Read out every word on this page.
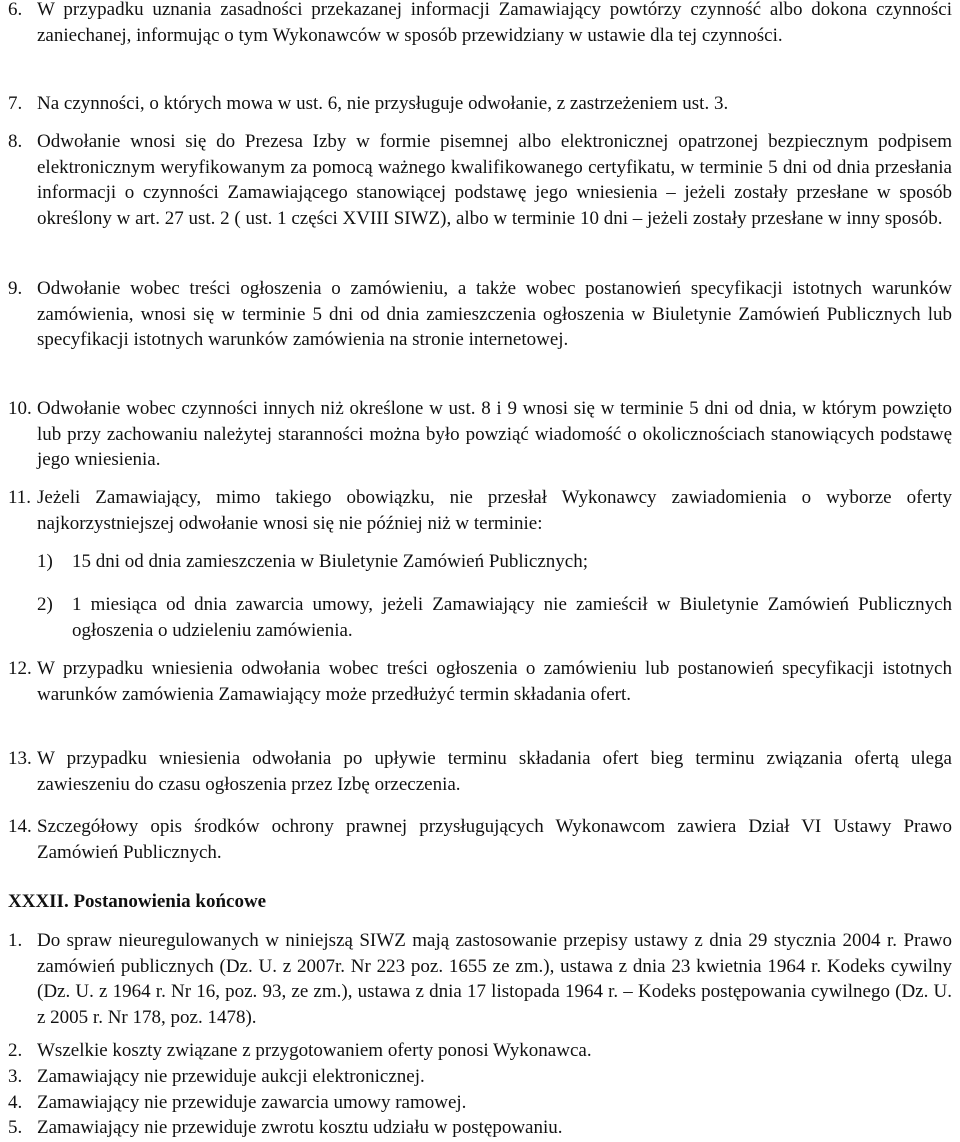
6. W przypadku uznania zasadności przekazanej informacji Zamawiający powtórzy czynność albo dokona czynności zaniechanej, informując o tym Wykonawców w sposób przewidziany w ustawie dla tej czynności.
7. Na czynności, o których mowa w ust. 6, nie przysługuje odwołanie, z zastrzeżeniem ust. 3.
8. Odwołanie wnosi się do Prezesa Izby w formie pisemnej albo elektronicznej opatrzonej bezpiecznym podpisem elektronicznym weryfikowanym za pomocą ważnego kwalifikowanego certyfikatu, w terminie 5 dni od dnia przesłania informacji o czynności Zamawiającego stanowiącej podstawę jego wniesienia – jeżeli zostały przesłane w sposób określony w art. 27 ust. 2 ( ust. 1 części XVIII SIWZ), albo w terminie 10 dni – jeżeli zostały przesłane w inny sposób.
9. Odwołanie wobec treści ogłoszenia o zamówieniu, a także wobec postanowień specyfikacji istotnych warunków zamówienia, wnosi się w terminie 5 dni od dnia zamieszczenia ogłoszenia w Biuletynie Zamówień Publicznych lub specyfikacji istotnych warunków zamówienia na stronie internetowej.
10. Odwołanie wobec czynności innych niż określone w ust. 8 i 9 wnosi się w terminie 5 dni od dnia, w którym powzięto lub przy zachowaniu należytej staranności można było powziąć wiadomość o okolicznościach stanowiących podstawę jego wniesienia.
11. Jeżeli Zamawiający, mimo takiego obowiązku, nie przesłał Wykonawcy zawiadomienia o wyborze oferty najkorzystniejszej odwołanie wnosi się nie później niż w terminie:
1) 15 dni od dnia zamieszczenia w Biuletynie Zamówień Publicznych;
2) 1 miesiąca od dnia zawarcia umowy, jeżeli Zamawiający nie zamieścił w Biuletynie Zamówień Publicznych ogłoszenia o udzieleniu zamówienia.
12. W przypadku wniesienia odwołania wobec treści ogłoszenia o zamówieniu lub postanowień specyfikacji istotnych warunków zamówienia Zamawiający może przedłużyć termin składania ofert.
13. W przypadku wniesienia odwołania po upływie terminu składania ofert bieg terminu związania ofertą ulega zawieszeniu do czasu ogłoszenia przez Izbę orzeczenia.
14. Szczegółowy opis środków ochrony prawnej przysługujących Wykonawcom zawiera Dział VI Ustawy Prawo Zamówień Publicznych.
XXXII. Postanowienia końcowe
1. Do spraw nieuregulowanych w niniejszą SIWZ mają zastosowanie przepisy ustawy z dnia 29 stycznia 2004 r. Prawo zamówień publicznych (Dz. U. z 2007r. Nr 223 poz. 1655 ze zm.), ustawa z dnia 23 kwietnia 1964 r. Kodeks cywilny (Dz. U. z 1964 r. Nr 16, poz. 93, ze zm.), ustawa z dnia 17 listopada 1964 r. – Kodeks postępowania cywilnego (Dz. U. z 2005 r. Nr 178, poz. 1478).
2. Wszelkie koszty związane z przygotowaniem oferty ponosi Wykonawca.
3. Zamawiający nie przewiduje aukcji elektronicznej.
4. Zamawiający nie przewiduje zawarcia umowy ramowej.
5. Zamawiający nie przewiduje zwrotu kosztu udziału w postępowaniu.
